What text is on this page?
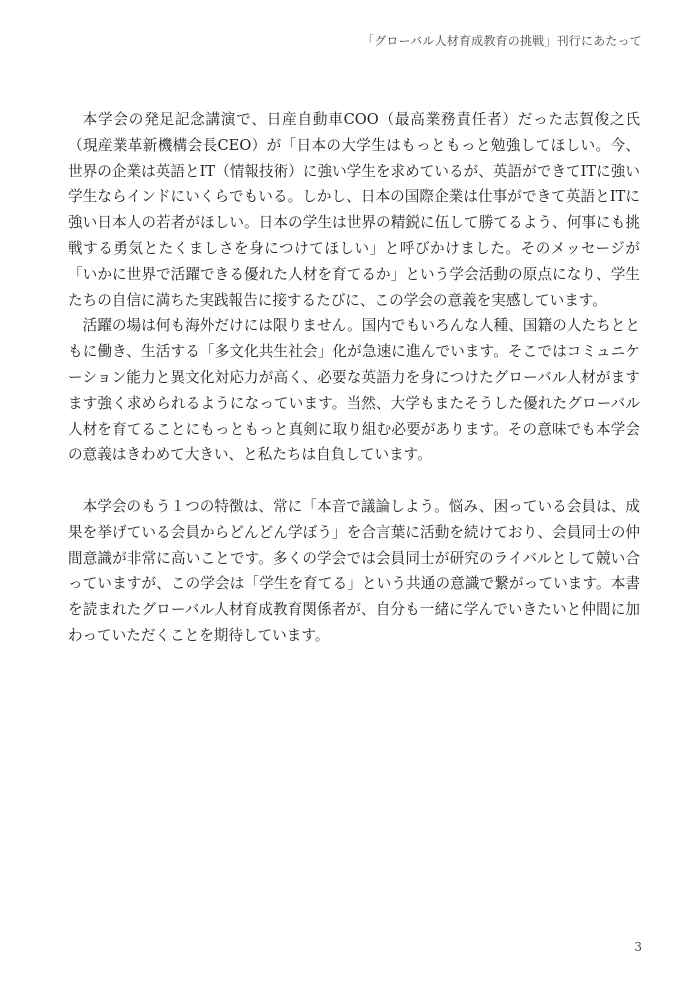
「グローバル人材育成教育の挑戦」刊行にあたって

本学会の発足記念講演で、日産自動車COO（最高業務責任者）だった志賀俊之氏（現産業革新機構会長CEO）が「日本の大学生はもっともっと勉強してほしい。今、世界の企業は英語とIT（情報技術）に強い学生を求めているが、英語ができてITに強い学生ならインドにいくらでもいる。しかし、日本の国際企業は仕事ができて英語とITに強い日本人の若者がほしい。日本の学生は世界の精鋭に伍して勝てるよう、何事にも挑戦する勇気とたくましさを身につけてほしい」と呼びかけました。そのメッセージが「いかに世界で活躍できる優れた人材を育てるか」という学会活動の原点になり、学生たちの自信に満ちた実践報告に接するたびに、この学会の意義を実感しています。

活躍の場は何も海外だけには限りません。国内でもいろんな人種、国籍の人たちとともに働き、生活する「多文化共生社会」化が急速に進んでいます。そこではコミュニケーション能力と異文化対応力が高く、必要な英語力を身につけたグローバル人材がますます強く求められるようになっています。当然、大学もまたそうした優れたグローバル人材を育てることにもっともっと真剣に取り組む必要があります。その意味でも本学会の意義はきわめて大きい、と私たちは自負しています。

本学会のもう１つの特徴は、常に「本音で議論しよう。悩み、困っている会員は、成果を挙げている会員からどんどん学ぼう」を合言葉に活動を続けており、会員同士の仲間意識が非常に高いことです。多くの学会では会員同士が研究のライバルとして競い合っていますが、この学会は「学生を育てる」という共通の意識で繋がっています。本書を読まれたグローバル人材育成教育関係者が、自分も一緒に学んでいきたいと仲間に加わっていただくことを期待しています。

3
